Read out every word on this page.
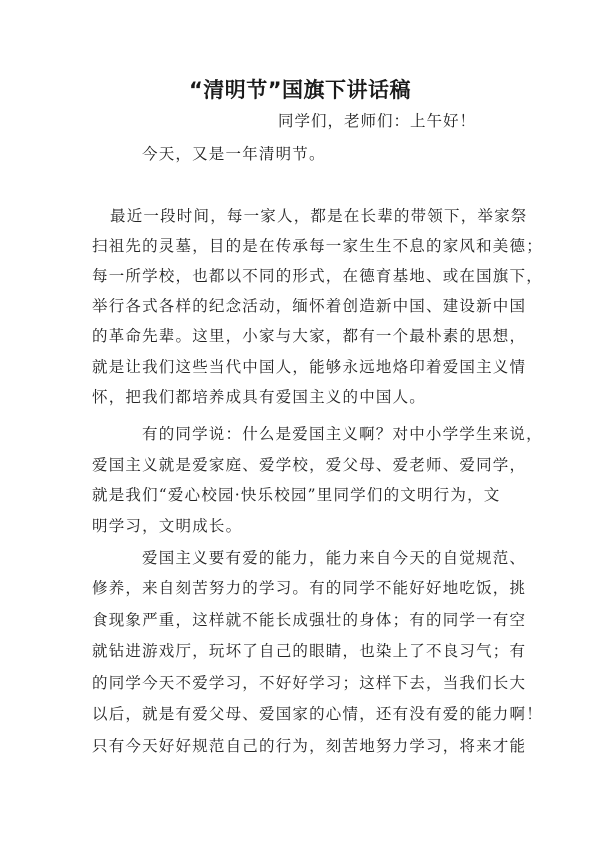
“清明节”国旗下讲话稿
同学们，老师们：上午好！
今天，又是一年清明节。
最近一段时间，每一家人，都是在长辈的带领下，举家祭
扫祖先的灵墓，目的是在传承每一家生生不息的家风和美德；
每一所学校，也都以不同的形式，在德育基地、或在国旗下，
举行各式各样的纪念活动，缅怀着创造新中国、建设新中国
的革命先辈。这里，小家与大家，都有一个最朴素的思想，
就是让我们这些当代中国人，能够永远地烙印着爱国主义情
怀，把我们都培养成具有爱国主义的中国人。
有的同学说：什么是爱国主义啊？对中小学学生来说，
爱国主义就是爱家庭、爱学校，爱父母、爱老师、爱同学，
就是我们“爱心校园·快乐校园”里同学们的文明行为，文
明学习，文明成长。
爱国主义要有爱的能力，能力来自今天的自觉规范、
修养，来自刻苦努力的学习。有的同学不能好好地吃饭，挑
食现象严重，这样就不能长成强壮的身体；有的同学一有空
就钻进游戏厅，玩坏了自己的眼睛，也染上了不良习气；有
的同学今天不爱学习，不好好学习；这样下去，当我们长大
以后，就是有爱父母、爱国家的心情，还有没有爱的能力啊！
只有今天好好规范自己的行为，刻苦地努力学习，将来才能
